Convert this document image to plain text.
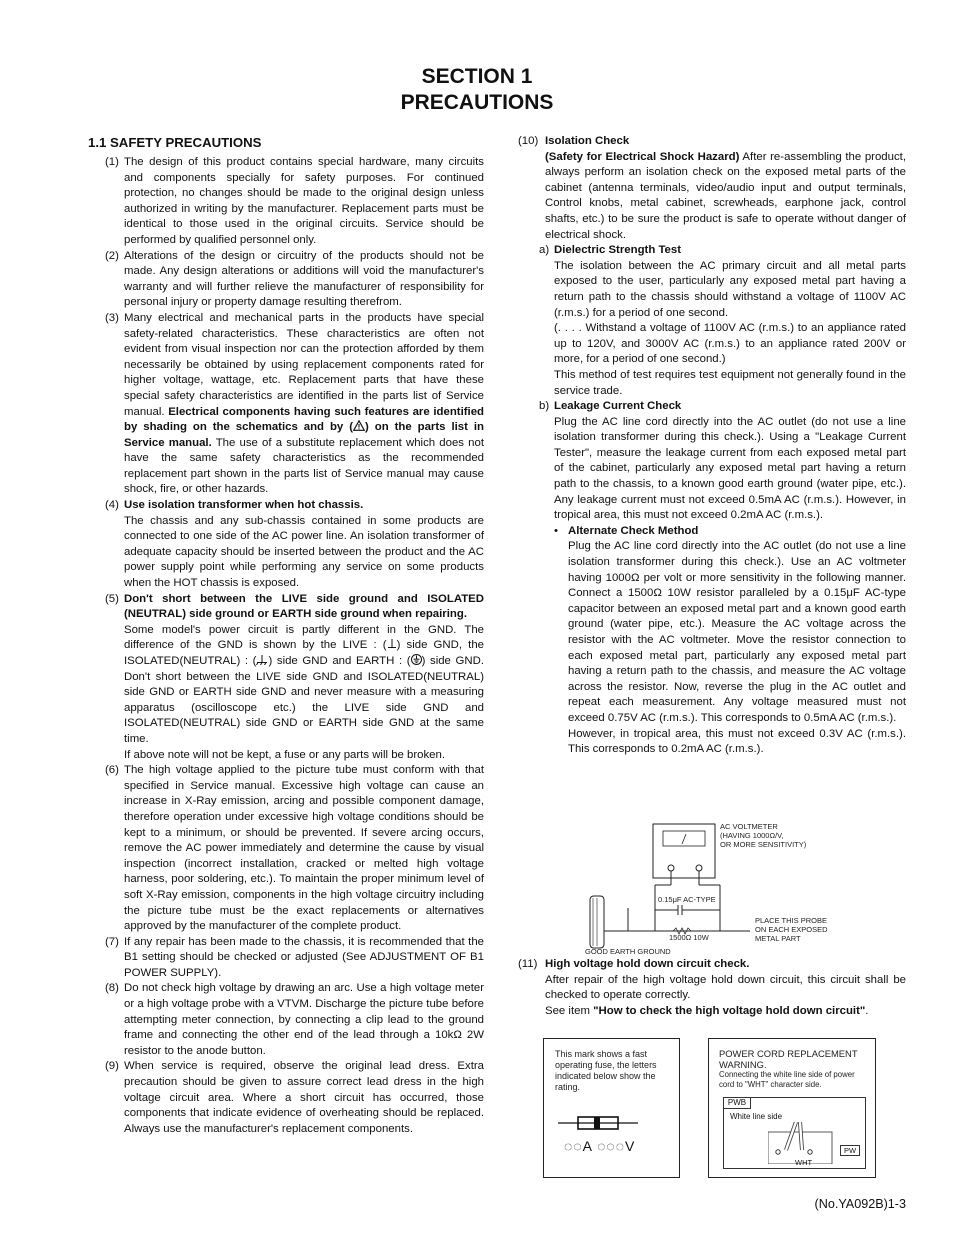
SECTION 1
PRECAUTIONS
1.1 SAFETY PRECAUTIONS
(1) The design of this product contains special hardware, many circuits and components specially for safety purposes. For continued protection, no changes should be made to the original design unless authorized in writing by the manufacturer. Replacement parts must be identical to those used in the original circuits. Service should be performed by qualified personnel only.

(2) Alterations of the design or circuitry of the products should not be made. Any design alterations or additions will void the manufacturer's warranty and will further relieve the manufacturer of responsibility for personal injury or property damage resulting therefrom.

(3) Many electrical and mechanical parts in the products have special safety-related characteristics. These characteristics are often not evident from visual inspection nor can the protection afforded by them necessarily be obtained by using replacement components rated for higher voltage, wattage, etc. Replacement parts that have these special safety characteristics are identified in the parts list of Service manual. Electrical components having such features are identified by shading on the schematics and by ( ) on the parts list in Service manual. The use of a substitute replacement which does not have the same safety characteristics as the recommended replacement part shown in the parts list of Service manual may cause shock, fire, or other hazards.

(4) Use isolation transformer when hot chassis.

The chassis and any sub-chassis contained in some products are connected to one side of the AC power line. An isolation transformer of adequate capacity should be inserted between the product and the AC power supply point while performing any service on some products when the HOT chassis is exposed.

(5) Don't short between the LIVE side ground and ISOLATED (NEUTRAL) side ground or EARTH side ground when repairing.

Some model's power circuit is partly different in the GND. The difference of the GND is shown by the LIVE : ( ) side GND, the ISOLATED(NEUTRAL) : ( ) side GND and EARTH : ( ) side GND. Don't short between the LIVE side GND and ISOLATED(NEUTRAL) side GND or EARTH side GND and never measure with a measuring apparatus (oscilloscope etc.) the LIVE side GND and ISOLATED(NEUTRAL) side GND or EARTH side GND at the same time.

If above note will not be kept, a fuse or any parts will be broken.

(6) The high voltage applied to the picture tube must conform with that specified in Service manual. Excessive high voltage can cause an increase in X-Ray emission, arcing and possible component damage, therefore operation under excessive high voltage conditions should be kept to a minimum, or should be prevented. If severe arcing occurs, remove the AC power immediately and determine the cause by visual inspection (incorrect installation, cracked or melted high voltage harness, poor soldering, etc.). To maintain the proper minimum level of soft X-Ray emission, components in the high voltage circuitry including the picture tube must be the exact replacements or alternatives approved by the manufacturer of the complete product.

(7) If any repair has been made to the chassis, it is recommended that the B1 setting should be checked or adjusted (See ADJUSTMENT OF B1 POWER SUPPLY).

(8) Do not check high voltage by drawing an arc. Use a high voltage meter or a high voltage probe with a VTVM. Discharge the picture tube before attempting meter connection, by connecting a clip lead to the ground frame and connecting the other end of the lead through a 10kΩ 2W resistor to the anode button.

(9) When service is required, observe the original lead dress. Extra precaution should be given to assure correct lead dress in the high voltage circuit area. Where a short circuit has occurred, those components that indicate evidence of overheating should be replaced. Always use the manufacturer's replacement components.

(10) Isolation Check

(Safety for Electrical Shock Hazard) After re-assembling the product, always perform an isolation check on the exposed metal parts of the cabinet (antenna terminals, video/audio input and output terminals, Control knobs, metal cabinet, screwheads, earphone jack, control shafts, etc.) to be sure the product is safe to operate without danger of electrical shock.

a) Dielectric Strength Test

The isolation between the AC primary circuit and all metal parts exposed to the user, particularly any exposed metal part having a return path to the chassis should withstand a voltage of 1100V AC (r.m.s.) for a period of one second.

(. . . . Withstand a voltage of 1100V AC (r.m.s.) to an appliance rated up to 120V, and 3000V AC (r.m.s.) to an appliance rated 200V or more, for a period of one second.)

This method of test requires test equipment not generally found in the service trade.

b) Leakage Current Check

Plug the AC line cord directly into the AC outlet (do not use a line isolation transformer during this check.). Using a "Leakage Current Tester", measure the leakage current from each exposed metal part of the cabinet, particularly any exposed metal part having a return path to the chassis, to a known good earth ground (water pipe, etc.). Any leakage current must not exceed 0.5mA AC (r.m.s.). However, in tropical area, this must not exceed 0.2mA AC (r.m.s.).

• Alternate Check Method

Plug the AC line cord directly into the AC outlet (do not use a line isolation transformer during this check.). Use an AC voltmeter having 1000Ω per volt or more sensitivity in the following manner. Connect a 1500Ω 10W resistor paralleled by a 0.15μF AC-type capacitor between an exposed metal part and a known good earth ground (water pipe, etc.). Measure the AC voltage across the resistor with the AC voltmeter. Move the resistor connection to each exposed metal part, particularly any exposed metal part having a return path to the chassis, and measure the AC voltage across the resistor. Now, reverse the plug in the AC outlet and repeat each measurement. Any voltage measured must not exceed 0.75V AC (r.m.s.). This corresponds to 0.5mA AC (r.m.s.).

However, in tropical area, this must not exceed 0.3V AC (r.m.s.). This corresponds to 0.2mA AC (r.m.s.).

AC VOLTMETER
(HAVING 1000Ω/V,
OR MORE SENSITIVITY)
0.15μF AC-TYPE
1500Ω 10W
PLACE THIS PROBE
ON EACH EXPOSED
METAL PART
GOOD EARTH GROUND
(11) High voltage hold down circuit check.

After repair of the high voltage hold down circuit, this circuit shall be checked to operate correctly.

See item "How to check the high voltage hold down circuit".

This mark shows a fast operating fuse, the letters indicated below show the rating.
◌◌A ◌◌◌V
POWER CORD REPLACEMENT WARNING.
Connecting the white line side of power cord to "WHT" character side.
PWB
White line side
WHT
PW
(No.YA092B)1-3
